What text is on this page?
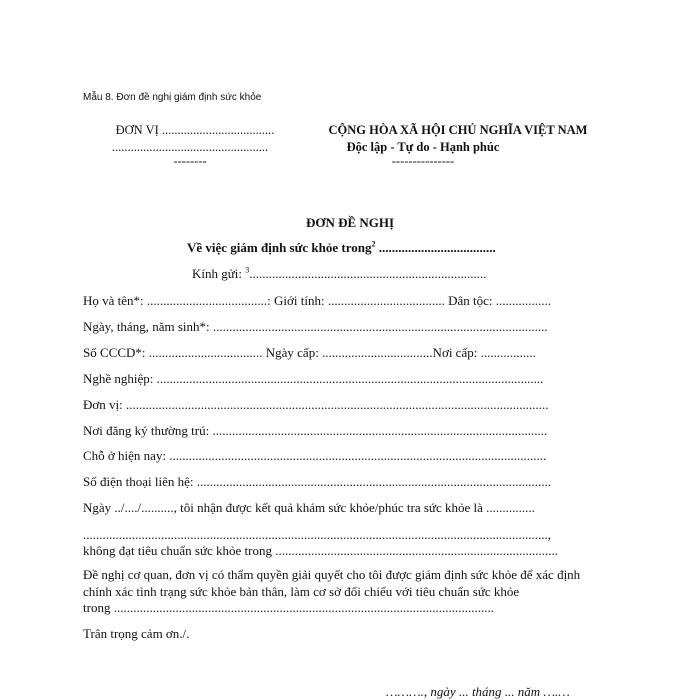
Mẫu 8. Đơn đề nghị giám định sức khỏe
ĐƠN VỊ ....................................
..................................................
--------
CỘNG HÒA XÃ HỘI CHỦ NGHĨA VIỆT NAM
Độc lập - Tự do - Hạnh phúc
---------------
ĐƠN ĐỀ NGHỊ
Về việc giám định sức khỏe trong$^2$ ....................................
Kính gửi: $^3$.........................................................................
Họ và tên*: .....................................: Giới tính: .................................... Dân tộc: .................
Ngày, tháng, năm sinh*: .......................................................................................................
Số CCCD*: ................................... Ngày cấp: ..................................Nơi cấp: .................
Nghề nghiệp: .......................................................................................................................
Đơn vị: ..................................................................................................................................
Nơi đăng ký thường trú: .......................................................................................................
Chỗ ở hiện nay: ....................................................................................................................
Số điện thoại liên hệ: .............................................................................................................
Ngày ../..../.........., tôi nhận được kết quả khám sức khỏe/phúc tra sức khỏe là ...............
...............................................................................................................................................,
không đạt tiêu chuẩn sức khỏe trong .......................................................................................
Đề nghị cơ quan, đơn vị có thẩm quyền giải quyết cho tôi được giám định sức khỏe để xác định
chính xác tình trạng sức khỏe bản thân, làm cơ sở đối chiếu với tiêu chuẩn sức khỏe
trong .....................................................................................................................
Trân trọng cảm ơn./.
………., ngày ... tháng ... năm ….…
